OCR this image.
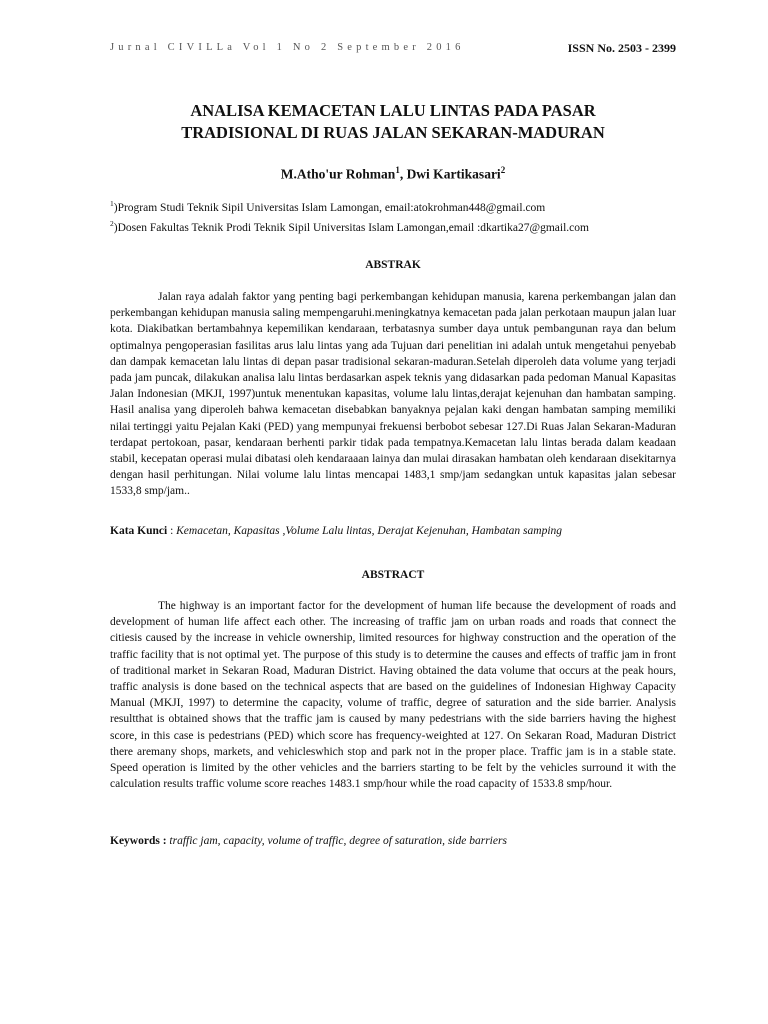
Jurnal CIVILLa Vol 1 No 2 September 2016	ISSN No. 2503 - 2399
ANALISA KEMACETAN LALU LINTAS PADA PASAR
TRADISIONAL DI RUAS JALAN SEKARAN-MADURAN
M.Atho'ur Rohman$^1$, Dwi Kartikasari$^2$
$^1$)Program Studi Teknik Sipil Universitas Islam Lamongan, email:atokrohman448@gmail.com
$^2$)Dosen Fakultas Teknik Prodi Teknik Sipil Universitas Islam Lamongan,email :dkartika27@gmail.com
ABSTRAK

Jalan raya adalah faktor yang penting bagi perkembangan kehidupan manusia, karena perkembangan jalan dan perkembangan kehidupan manusia saling mempengaruhi.meningkatnya kemacetan pada jalan perkotaan maupun jalan luar kota. Diakibatkan bertambahnya kepemilikan kendaraan, terbatasnya sumber daya untuk pembangunan raya dan belum optimalnya pengoperasian fasilitas arus lalu lintas yang ada Tujuan dari penelitian ini adalah untuk mengetahui penyebab dan dampak kemacetan lalu lintas di depan pasar tradisional sekaran-maduran.Setelah diperoleh data volume yang terjadi pada jam puncak, dilakukan analisa lalu lintas berdasarkan aspek teknis yang didasarkan pada pedoman Manual Kapasitas Jalan Indonesian (MKJI, 1997)untuk menentukan kapasitas, volume lalu lintas,derajat kejenuhan dan hambatan samping. Hasil analisa yang diperoleh bahwa kemacetan disebabkan banyaknya pejalan kaki dengan hambatan samping memiliki nilai tertinggi yaitu Pejalan Kaki (PED) yang mempunyai frekuensi berbobot sebesar 127.Di Ruas Jalan Sekaran-Maduran terdapat pertokoan, pasar, kendaraan berhenti parkir tidak pada tempatnya.Kemacetan lalu lintas berada dalam keadaan stabil, kecepatan operasi mulai dibatasi oleh kendaraaan lainya dan mulai dirasakan hambatan oleh kendaraan disekitarnya dengan hasil perhitungan. Nilai volume lalu lintas mencapai 1483,1 smp/jam sedangkan untuk kapasitas jalan sebesar 1533,8 smp/jam..

Kata Kunci : Kemacetan, Kapasitas ,Volume Lalu lintas, Derajat Kejenuhan, Hambatan samping
ABSTRACT

The highway is an important factor for the development of human life because the development of roads and development of human life affect each other. The increasing of traffic jam on urban roads and roads that connect the citiesis caused by the increase in vehicle ownership, limited resources for highway construction and the operation of the traffic facility that is not optimal yet. The purpose of this study is to determine the causes and effects of traffic jam in front of traditional market in Sekaran Road, Maduran District. Having obtained the data volume that occurs at the peak hours, traffic analysis is done based on the technical aspects that are based on the guidelines of Indonesian Highway Capacity Manual (MKJI, 1997) to determine the capacity, volume of traffic, degree of saturation and the side barrier. Analysis resultthat is obtained shows that the traffic jam is caused by many pedestrians with the side barriers having the highest score, in this case is pedestrians (PED) which score has frequency-weighted at 127. On Sekaran Road, Maduran District there aremany shops, markets, and vehicleswhich stop and park not in the proper place. Traffic jam is in a stable state. Speed operation is limited by the other vehicles and the barriers starting to be felt by the vehicles surround it with the calculation results traffic volume score reaches 1483.1 smp/hour while the road capacity of 1533.8 smp/hour.

Keywords : traffic jam, capacity, volume of traffic, degree of saturation, side barriers
